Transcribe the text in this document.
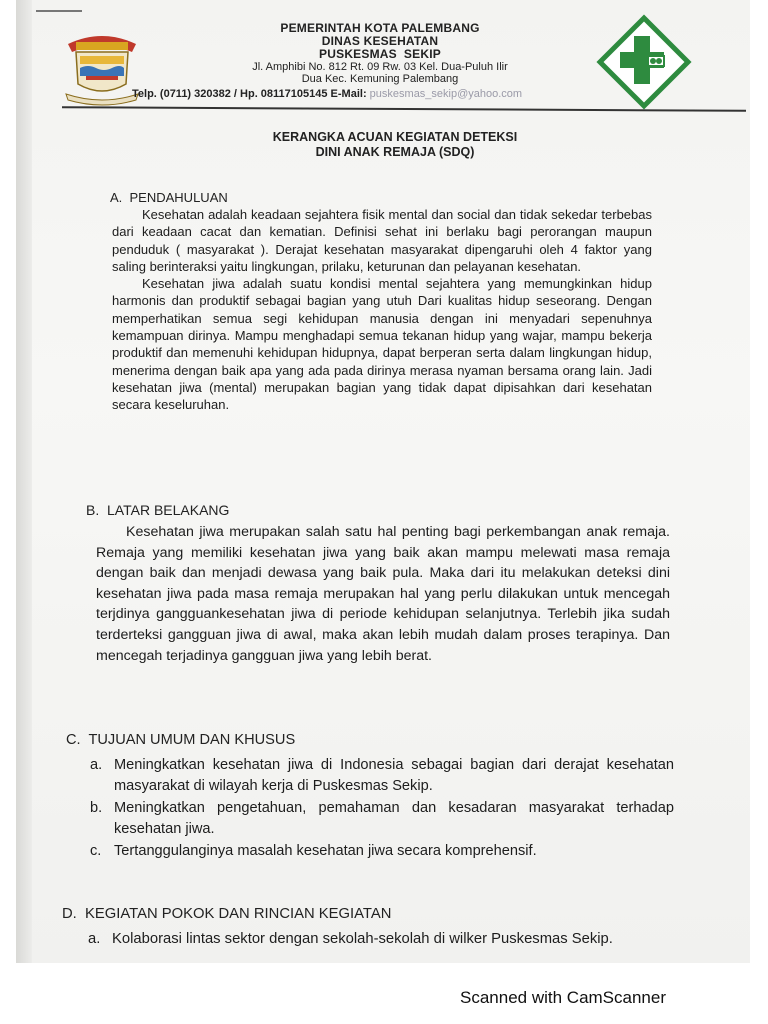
PEMERINTAH KOTA PALEMBANG
DINAS KESEHATAN
PUSKESMAS  SEKIP
Jl. Amphibi No. 812 Rt. 09 Rw. 03 Kel. Dua-Puluh Ilir
Dua Kec. Kemuning Palembang
Telp. (0711) 320382 / Hp. 08117105145 E-Mail: puskesmas_sekip@yahoo.com
KERANGKA ACUAN KEGIATAN DETEKSI
DINI ANAK REMAJA (SDQ)
A.  PENDAHULUAN

Kesehatan adalah keadaan sejahtera fisik mental dan social dan tidak sekedar terbebas dari keadaan cacat dan kematian. Definisi sehat ini berlaku bagi perorangan maupun penduduk ( masyarakat ). Derajat kesehatan masyarakat dipengaruhi oleh 4 faktor yang saling berinteraksi yaitu lingkungan, prilaku, keturunan dan pelayanan kesehatan.

Kesehatan jiwa adalah suatu kondisi mental sejahtera yang memungkinkan hidup harmonis dan produktif sebagai bagian yang utuh Dari kualitas hidup seseorang. Dengan memperhatikan semua segi kehidupan manusia dengan ini menyadari sepenuhnya kemampuan dirinya. Mampu menghadapi semua tekanan hidup yang wajar, mampu bekerja produktif dan memenuhi kehidupan hidupnya, dapat berperan serta dalam lingkungan hidup, menerima dengan baik apa yang ada pada dirinya merasa nyaman bersama orang lain. Jadi kesehatan jiwa (mental) merupakan bagian yang tidak dapat dipisahkan dari kesehatan secara keseluruhan.

B.  LATAR BELAKANG

Kesehatan jiwa merupakan salah satu hal penting bagi perkembangan anak remaja. Remaja yang memiliki kesehatan jiwa yang baik akan mampu melewati masa remaja dengan baik dan menjadi dewasa yang baik pula. Maka dari itu melakukan deteksi dini kesehatan jiwa pada masa remaja merupakan hal yang perlu dilakukan untuk mencegah terjdinya gangguankesehatan jiwa di periode kehidupan selanjutnya. Terlebih jika sudah terderteksi gangguan jiwa di awal, maka akan lebih mudah dalam proses terapinya. Dan mencegah terjadinya gangguan jiwa yang lebih berat.

C.  TUJUAN UMUM DAN KHUSUS
a. Meningkatkan kesehatan jiwa di Indonesia sebagai bagian dari derajat kesehatan masyarakat di wilayah kerja di Puskesmas Sekip.
b. Meningkatkan pengetahuan, pemahaman dan kesadaran masyarakat terhadap kesehatan jiwa.
c. Tertanggulanginya masalah kesehatan jiwa secara komprehensif.
D.  KEGIATAN POKOK DAN RINCIAN KEGIATAN
a. Kolaborasi lintas sektor dengan sekolah-sekolah di wilker Puskesmas Sekip.
Scanned with CamScanner
